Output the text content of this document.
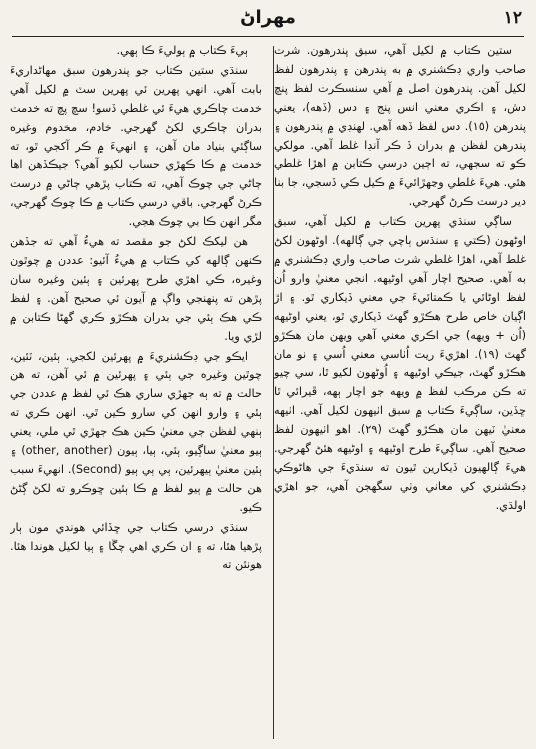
١٢
مهراڻ

ستين ڪتاب ۾ لکيل آهي، سبق پندرهون. شرت صاحب واري ڊڪشنري ۾ به پندرهن ۽ پندرهون لفظ لکيل آهن. پندرهون اصل ۾ آهي سنسڪرت لفظ پنچ دش، ۽ اڪري معني انس پنج ۽ دس (ڏهه)، يعني پندرهن (١٥). دس لفظ ڏهه آهي. لهنڊي ۾ پندرهون ۽ پندرهن لفظن ۾ بدران ڏ ڪر آنڊا غلط آهي. مولکي ڪو ته سجهي، ته اڄين درسي ڪتابن ۾ اهڙا غلطي هئي. هيءَ غلطي وڃهڙائيءَ ۾ ڪيل ڪي ڏسجي، جا بنا دير درست ڪرڻ گهرجي.

ساڳي سنڌي پهرين ڪتاب ۾ لکيل آهي، سبق اوڻهون (ڪتي ۽ سنڌس ٻاچي جي ڳالهه). اوڻهون لکڻ غلط آهي، اهڙا غلطي شرت صاحب واري ڊڪشنري ۾ به آهي. صحيح اچار آهي اوڻيهه. انجي معنيٰ وارو اُن لفظ اوڻائي يا ڪمتائيءَ جي معني ڏيکاري ٿو. ۽ اڙ اڳيان خاص طرح هڪڙو گهٽ ڏيکاري ٿو، يعني اوڻيهه (اُن + ويهه) جي اڪري معني آهي ويهن مان هڪڙو گهٽ (١٩). اهڙيءَ ريت اُٺاسي معني اُسي ۽ نو مان هڪڙو گهٽ، جيڪي اوڻيهه ۽ اُوڻهون لکيو ٿا، سي چيو ته ڪن مرڪب لفظ ۾ ويهه جو اچار ٻهه، ڦيرائي ٿا ڇڏين، ساڳيءَ ڪتاب ۾ سبق اٺيهون لکيل آهي. اٺيهه معنيٰ ٽيهن مان هڪڙو گهٽ (٢٩). اهو اٺيهون لفظ صحيح آهي. ساڳيءَ طرح اوڻيهه ۽ اوڻيهه هئڻ گهرجي. هيءَ ڳالهيون ڏيکارين ٿيون ته سنڌيءَ جي هاڻوڪي ڊڪشنري کي معاني وٺي سگهجن آهي، جو اهڙي اولڌي.

ٻيءَ ڪتاب ۾ ٻوليءَ ڪا ٻهي.

سنڌي ستين ڪتاب جو پندرهون سبق مهاڻداريءَ بابت آهي. انهي پهرين ئي پهرين سٽ ۾ لکيل آهي خدمت چاڪري هيءَ ئي غلطي ڏسو! سچ پچ ته خدمت بدران چاڪري لکڻ گهرجي. خادم، مخدوم وغيره ساڳئي بنياد مان آهن، ۽ انهيءَ ۾ ڪر آکجي ٿو، ته خدمت ۾ ڪا ڪهڙي حساب لکيو آهي؟ جيڪڏهن اها ڄاڻي جي چوڪ آهي، ته ڪتاب پڙهي ڄاڻي ۾ درست ڪرڻ گهرجي. باقي درسي ڪتاب ۾ ڪا چوڪ گهرجي، مگر انهن ڪا بي چوڪ هجي.

هن ليکڪ لکڻ جو مقصد ته هيءُ آهي ته جڏهن ڪنهن ڳالهه کي ڪتاب ۾ هيءُ آئيو: عددن ۾ چوٿون وغيره، ڪي اهڙي طرح پهرئين ۽ ٻئين وغيره سان پڙهن ته پنهنجي واڳ ۾ آيون ئي صحيح آهن. ۽ لفظ ڪي هڪ ٻئي جي بدران هڪڙو ڪري گهڻا ڪتابن ۾ لڙي ويا.

ايڪو جي ڊڪشنريءَ ۾ پهرئين لکجي. ٻئين، ٽئين، چوٿين وغيره جي ٻئي ۽ پهرئين ۾ ئي آهن، ته هن حالت ۾ ته ٻه جهڙي ساري هڪ ئي لفظ ۾ عددن جي ٻئي ۽ وارو انهن کي سارو ڪين ٿي. انهن ڪري ته ٻنهي لفظن جي معنيٰ ڪين هڪ جهڙي ٿي ملي، يعني ٻيو معنيٰ ساڳيو، ٻئي، ٻيا، ٻيون (other, another) ۽ ٻئين معنيٰ ٻيهرئين، ٻي ٻي ٻيو (Second). انهيءَ سبب هن حالت ۾ ٻيو لفظ ۾ ڪا ٻئين ڇوڪرو ته لکڻ ڳڻڻ ڪيو.

سنڌي درسي ڪتاب جي ڇڏائي هوندي مون ٻار پڙهيا هئا، ته ۽ ان ڪري اهي چڱا ۽ ٻيا لکيل هوندا هئا. هونئن ته
